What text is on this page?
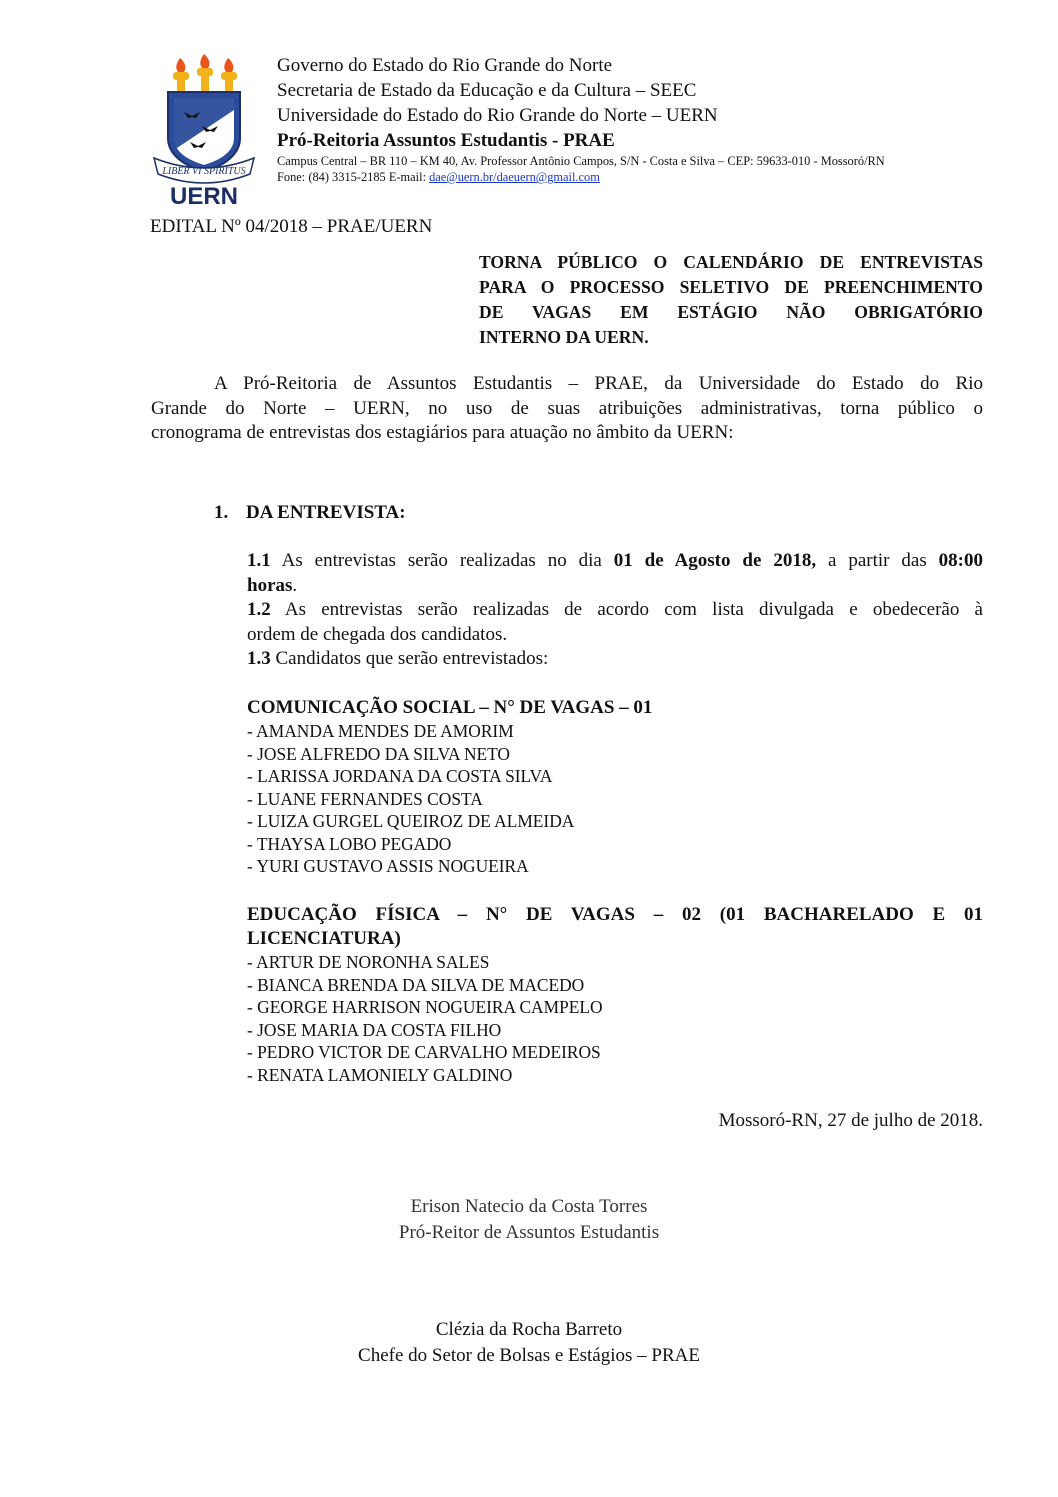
LIBER VI SPIRITUS
UERN
Governo do Estado do Rio Grande do Norte
Secretaria de Estado da Educação e da Cultura – SEEC
Universidade do Estado do Rio Grande do Norte – UERN
Pró-Reitoria Assuntos Estudantis - PRAE
Campus Central – BR 110 – KM 40, Av. Professor Antônio Campos, S/N - Costa e Silva – CEP: 59633-010 - Mossoró/RN
Fone: (84) 3315-2185 E-mail: dae@uern.br/daeuern@gmail.com
EDITAL Nº 04/2018 – PRAE/UERN
TORNA PÚBLICO O CALENDÁRIO DE ENTREVISTAS
PARA O PROCESSO SELETIVO DE PREENCHIMENTO
DE VAGAS EM ESTÁGIO NÃO OBRIGATÓRIO
INTERNO DA UERN.
A Pró-Reitoria de Assuntos Estudantis – PRAE, da Universidade do Estado do Rio
Grande do Norte – UERN, no uso de suas atribuições administrativas, torna público o
cronograma de entrevistas dos estagiários para atuação no âmbito da UERN:
1. DA ENTREVISTA:
1.1 As entrevistas serão realizadas no dia 01 de Agosto de 2018, a partir das 08:00
horas.
1.2 As entrevistas serão realizadas de acordo com lista divulgada e obedecerão à
ordem de chegada dos candidatos.
1.3 Candidatos que serão entrevistados:
COMUNICAÇÃO SOCIAL – N° DE VAGAS – 01
- AMANDA MENDES DE AMORIM
- JOSE ALFREDO DA SILVA NETO
- LARISSA JORDANA DA COSTA SILVA
- LUANE FERNANDES COSTA
- LUIZA GURGEL QUEIROZ DE ALMEIDA
- THAYSA LOBO PEGADO
- YURI GUSTAVO ASSIS NOGUEIRA
EDUCAÇÃO FÍSICA – N° DE VAGAS – 02 (01 BACHARELADO E 01
LICENCIATURA)
- ARTUR DE NORONHA SALES
- BIANCA BRENDA DA SILVA DE MACEDO
- GEORGE HARRISON NOGUEIRA CAMPELO
- JOSE MARIA DA COSTA FILHO
- PEDRO VICTOR DE CARVALHO MEDEIROS
- RENATA LAMONIELY GALDINO
Mossoró-RN, 27 de julho de 2018.
Erison Natecio da Costa Torres
Pró-Reitor de Assuntos Estudantis
Clézia da Rocha Barreto
Chefe do Setor de Bolsas e Estágios – PRAE
